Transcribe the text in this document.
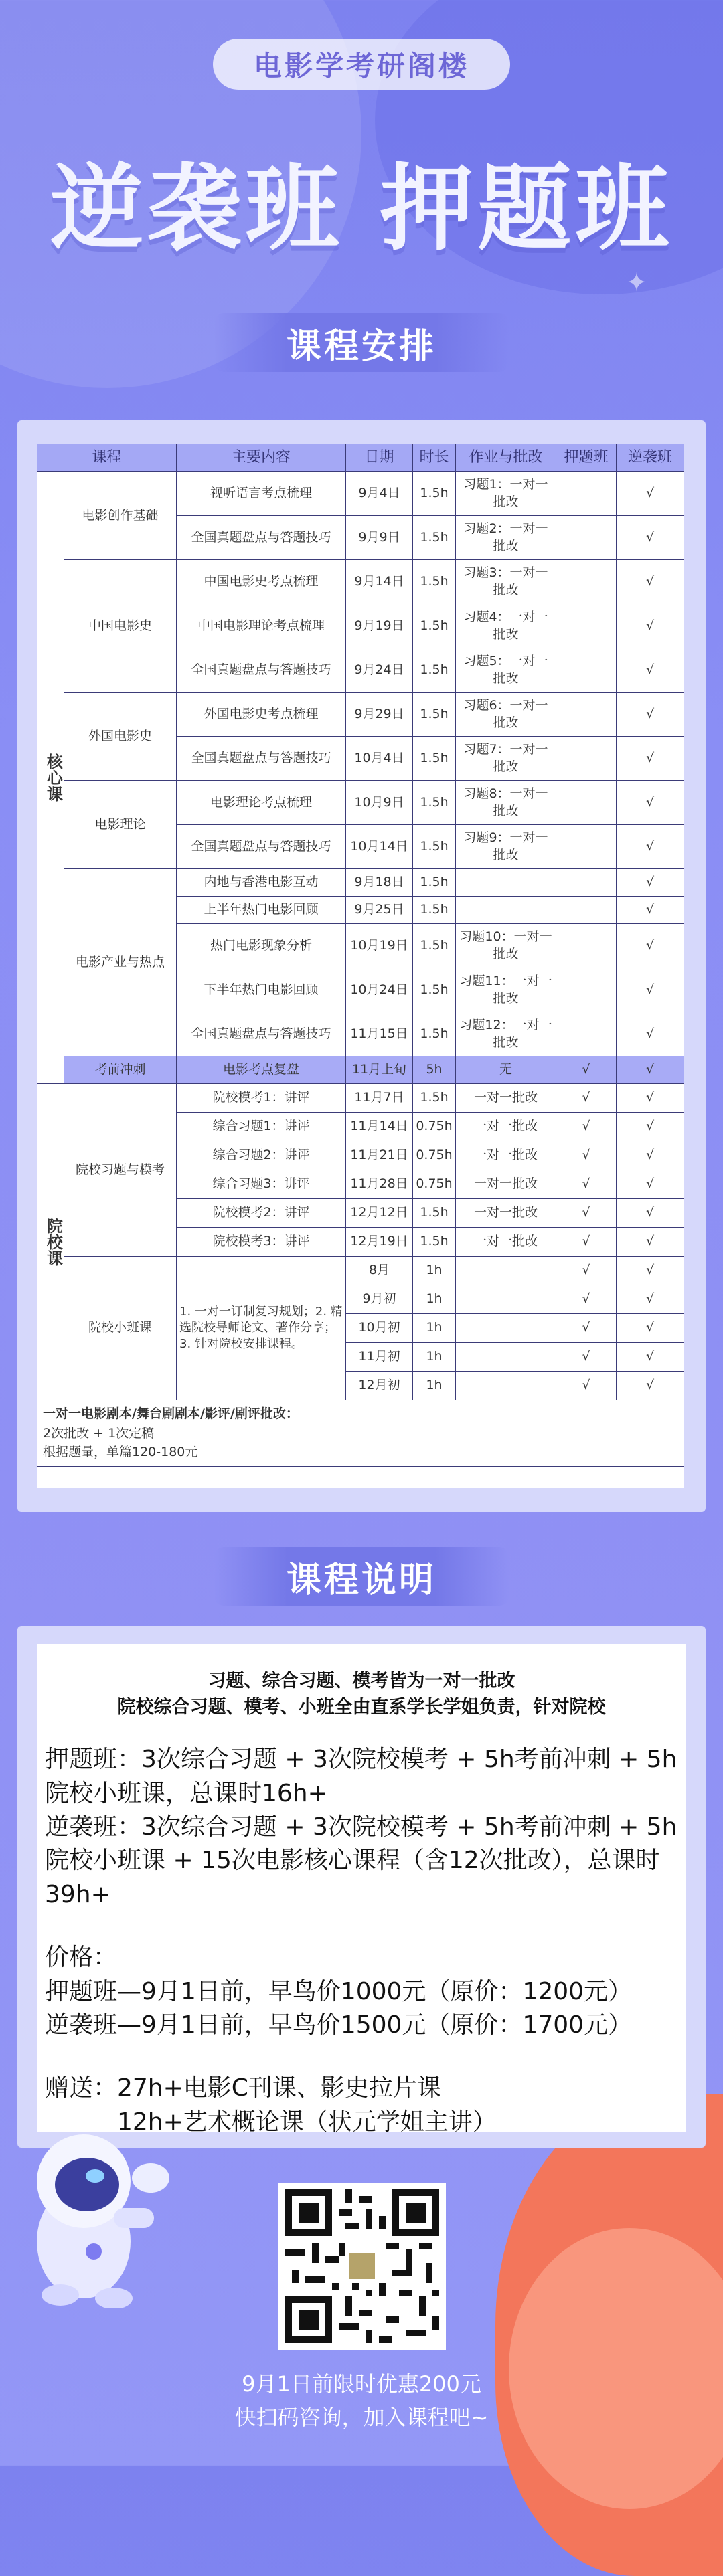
✦
电影学考研阁楼
逆袭班 押题班
课程安排
课程		主要内容	日期	时长	作业与批改	押题班	逆袭班

核心课	电影创作基础	视听语言考点梳理	9月4日	1.5h	习题1：一对一批改		√
		全国真题盘点与答题技巧	9月9日	1.5h	习题2：一对一批改		√
	中国电影史	中国电影史考点梳理	9月14日	1.5h	习题3：一对一批改		√
		中国电影理论考点梳理	9月19日	1.5h	习题4：一对一批改		√
		全国真题盘点与答题技巧	9月24日	1.5h	习题5：一对一批改		√
	外国电影史	外国电影史考点梳理	9月29日	1.5h	习题6：一对一批改		√
		全国真题盘点与答题技巧	10月4日	1.5h	习题7：一对一批改		√
	电影理论	电影理论考点梳理	10月9日	1.5h	习题8：一对一批改		√
		全国真题盘点与答题技巧	10月14日	1.5h	习题9：一对一批改		√
	电影产业与热点	内地与香港电影互动	9月18日	1.5h			√
		上半年热门电影回顾	9月25日	1.5h			√
		热门电影现象分析	10月19日	1.5h	习题10：一对一批改		√
		下半年热门电影回顾	10月24日	1.5h	习题11：一对一批改		√
		全国真题盘点与答题技巧	11月15日	1.5h	习题12：一对一批改		√
	考前冲刺	电影考点复盘	11月上旬	5h	无	√	√

院校课	院校习题与模考	院校模考1：讲评	11月7日	1.5h	一对一批改	√	√
		综合习题1：讲评	11月14日	0.75h	一对一批改	√	√
		综合习题2：讲评	11月21日	0.75h	一对一批改	√	√
		综合习题3：讲评	11月28日	0.75h	一对一批改	√	√
		院校模考2：讲评	12月12日	1.5h	一对一批改	√	√
		院校模考3：讲评	12月19日	1.5h	一对一批改	√	√
	院校小班课	1. 一对一订制复习规划；2. 精选院校导师论文、著作分享；3. 针对院校安排课程。	8月	1h		√	√
			9月初	1h		√	√
			10月初	1h		√	√
			11月初	1h		√	√
			12月初	1h		√	√
一对一电影剧本/舞台剧剧本/影评/剧评批改：
2次批改 + 1次定稿
根据题量，单篇120-180元							
课程说明
习题、综合习题、模考皆为一对一批改
院校综合习题、模考、小班全由直系学长学姐负责，针对院校
押题班：3次综合习题 + 3次院校模考 + 5h考前冲刺 + 5h院校小班课，总课时16h+
逆袭班：3次综合习题 + 3次院校模考 + 5h考前冲刺 + 5h院校小班课 + 15次电影核心课程（含12次批改），总课时39h+
价格：
押题班—9月1日前，早鸟价1000元（原价：1200元）
逆袭班—9月1日前，早鸟价1500元（原价：1700元）
赠送：27h+电影C刊课、影史拉片课
12h+艺术概论课（状元学姐主讲）
9月1日前限时优惠200元
快扫码咨询，加入课程吧~
